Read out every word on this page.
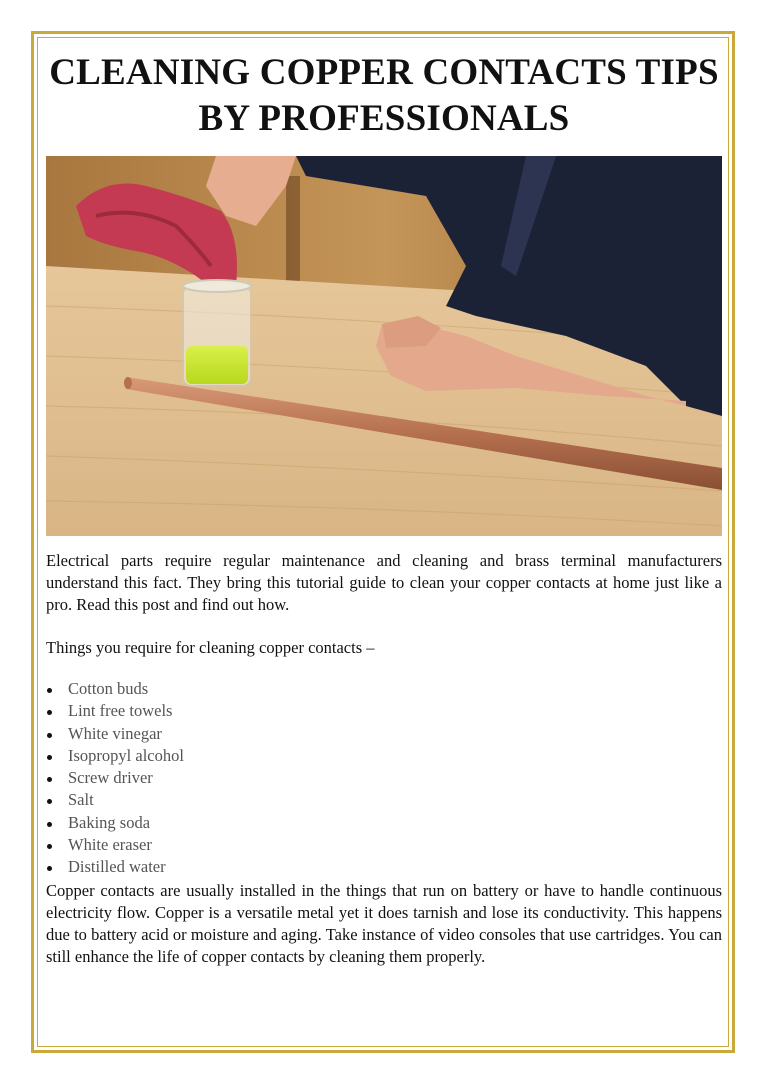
CLEANING COPPER CONTACTS TIPS BY PROFESSIONALS

Electrical parts require regular maintenance and cleaning and brass terminal manufacturers understand this fact. They bring this tutorial guide to clean your copper contacts at home just like a pro. Read this post and find out how.

Things you require for cleaning copper contacts –

Cotton buds
Lint free towels
White vinegar
Isopropyl alcohol
Screw driver
Salt
Baking soda
White eraser
Distilled water

Copper contacts are usually installed in the things that run on battery or have to handle continuous electricity flow. Copper is a versatile metal yet it does tarnish and lose its conductivity. This happens due to battery acid or moisture and aging. Take instance of video consoles that use cartridges. You can still enhance the life of copper contacts by cleaning them properly.
